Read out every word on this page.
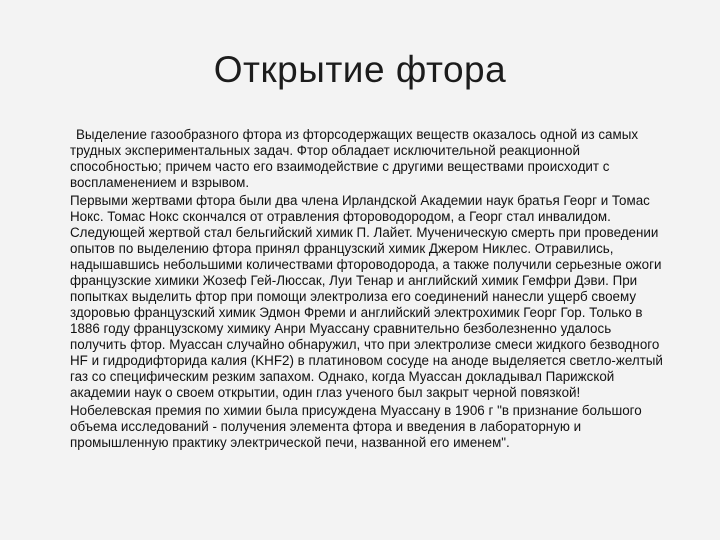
Открытие фтора

Выделение газообразного фтора из фторсодержащих веществ оказалось одной из самых трудных экспериментальных задач. Фтор обладает исключительной реакционной способностью; причем часто его взаимодействие с другими веществами происходит с воспламенением и взрывом.

Первыми жертвами фтора были два члена Ирландской Академии наук братья Георг и Томас Нокс. Томас Нокс скончался от отравления фтороводородом, а Георг стал инвалидом. Следующей жертвой стал бельгийский химик П. Лайет. Мученическую смерть при проведении опытов по выделению фтора принял французский химик Джером Никлес. Отравились, надышавшись небольшими количествами фтороводорода, а также получили серьезные ожоги французские химики Жозеф Гей-Люссак, Луи Тенар и английский химик Гемфри Дэви. При попытках выделить фтор при помощи электролиза его соединений нанесли ущерб своему здоровью французский химик Эдмон Фреми и английский электрохимик Георг Гор. Только в 1886 году французскому химику Анри Муассану сравнительно безболезненно удалось получить фтор. Муассан случайно обнаружил, что при электролизе смеси жидкого безводного HF и гидродифторида калия (KHF2) в платиновом сосуде на аноде выделяется светло-желтый газ со специфическим резким запахом. Однако, когда Муассан докладывал Парижской академии наук о своем открытии, один глаз ученого был закрыт черной повязкой!

Нобелевская премия по химии была присуждена Муассану в 1906 г "в признание большого объема исследований - получения элемента фтора и введения в лабораторную и промышленную практику электрической печи, названной его именем".
